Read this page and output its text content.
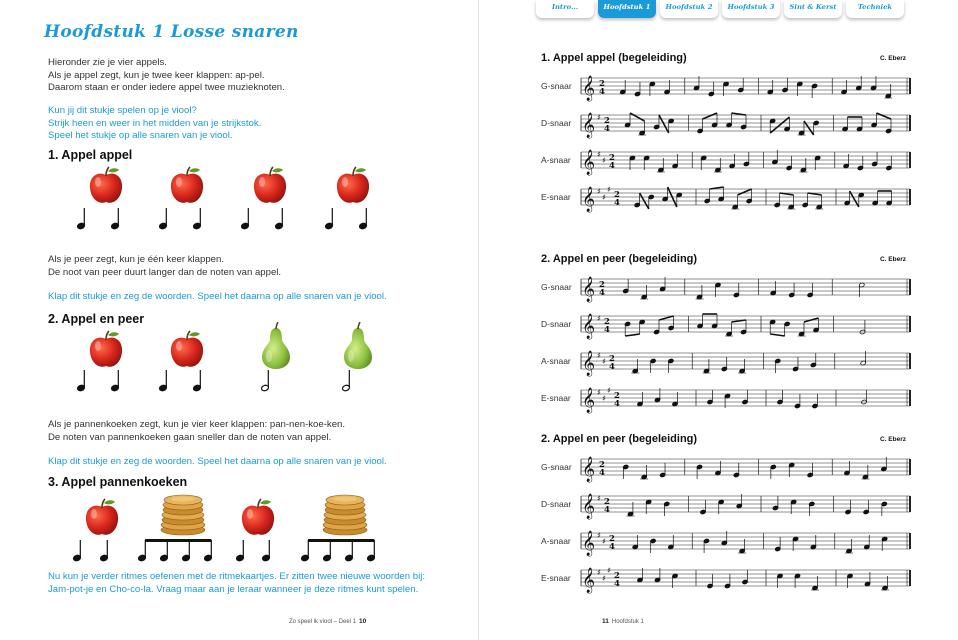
Hoofdstuk 1 Losse snaren
Hieronder zie je vier appels.
Als je appel zegt, kun je twee keer klappen: ap-pel.
Daarom staan er onder iedere appel twee muzieknoten.
Kun jij dit stukje spelen op je viool?
Strijk heen en weer in het midden van je strijkstok.
Speel het stukje op alle snaren van je viool.
1. Appel appel
Als je peer zegt, kun je één keer klappen.
De noot van peer duurt langer dan de noten van appel.
Klap dit stukje en zeg de woorden. Speel het daarna op alle snaren van je viool.
2. Appel en peer
Als je pannenkoeken zegt, kun je vier keer klappen: pan-nen-koe-ken.
De noten van pannenkoeken gaan sneller dan de noten van appel.
Klap dit stukje en zeg de woorden. Speel het daarna op alle snaren van je viool.
3. Appel pannenkoeken
Nu kun je verder ritmes oefenen met de ritmekaartjes. Er zitten twee nieuwe woorden bij:
Jam-pot-je en Cho-co-la. Vraag maar aan je leraar wanneer je deze ritmes kunt spelen.
Zo speel ik viool – Deel 1 10
Intro...	Hoofdstuk 1	Hoofdstuk 2	Hoofdstuk 3	Sint & Kerst	Techniek
𝄞 2
4
𝄞 ♯ 2
4
𝄞 ♯
♯ 2
4
𝄞 ♯
♯
♯
2
4
𝄞 2
4
𝄞 ♯ 2
4
𝄞 ♯
♯ 2
4
𝄞 ♯
♯
♯
2
4
𝄞 2
4
𝄞 ♯ 2
4
𝄞 ♯
♯ 2
4
𝄞 ♯
♯
♯
2
4
1. Appel appel (begeleiding)	C. Eberz
G-snaar
D-snaar
A-snaar
E-snaar
2. Appel en peer (begeleiding)	C. Eberz
G-snaar
D-snaar
A-snaar
E-snaar
2. Appel en peer (begeleiding)	C. Eberz
G-snaar
D-snaar
A-snaar
E-snaar
11 Hoofdstuk 1
